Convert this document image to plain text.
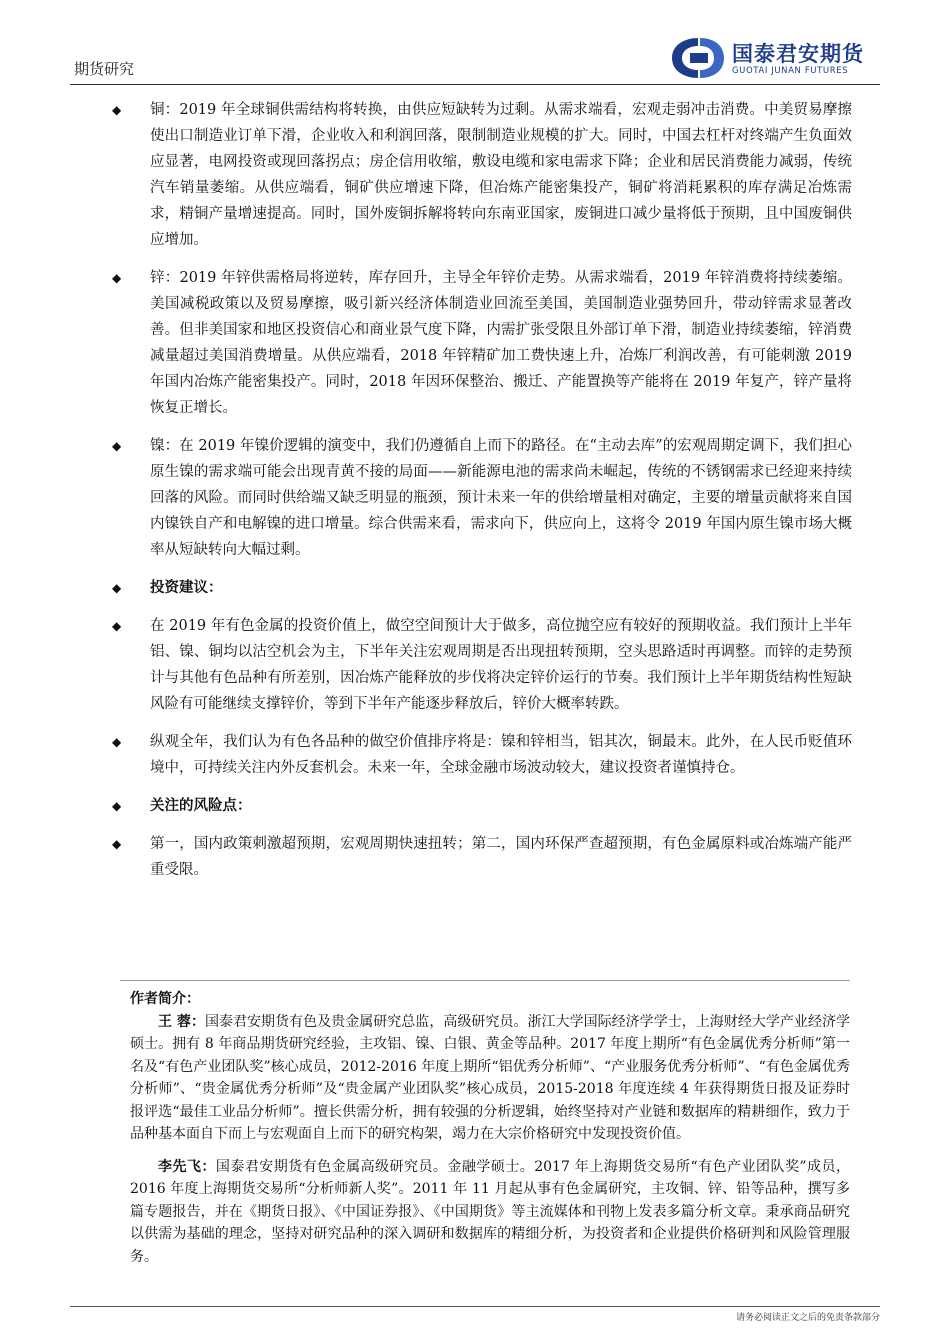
期货研究
国泰君安期货
GUOTAI JUNAN FUTURES
◆ 铜：2019 年全球铜供需结构将转换，由供应短缺转为过剩。从需求端看，宏观走弱冲击消费。中美贸易摩擦使出口制造业订单下滑，企业收入和利润回落，限制制造业规模的扩大。同时，中国去杠杆对终端产生负面效应显著，电网投资或现回落拐点；房企信用收缩，敷设电缆和家电需求下降；企业和居民消费能力减弱，传统汽车销量萎缩。从供应端看，铜矿供应增速下降，但冶炼产能密集投产，铜矿将消耗累积的库存满足冶炼需求，精铜产量增速提高。同时，国外废铜拆解将转向东南亚国家，废铜进口减少量将低于预期，且中国废铜供应增加。
◆ 锌：2019 年锌供需格局将逆转，库存回升，主导全年锌价走势。从需求端看，2019 年锌消费将持续萎缩。美国减税政策以及贸易摩擦，吸引新兴经济体制造业回流至美国，美国制造业强势回升，带动锌需求显著改善。但非美国家和地区投资信心和商业景气度下降，内需扩张受限且外部订单下滑，制造业持续萎缩，锌消费减量超过美国消费增量。从供应端看，2018 年锌精矿加工费快速上升，冶炼厂利润改善，有可能刺激 2019 年国内冶炼产能密集投产。同时，2018 年因环保整治、搬迁、产能置换等产能将在 2019 年复产，锌产量将恢复正增长。
◆ 镍：在 2019 年镍价逻辑的演变中，我们仍遵循自上而下的路径。在“主动去库”的宏观周期定调下，我们担心原生镍的需求端可能会出现青黄不接的局面——新能源电池的需求尚未崛起，传统的不锈钢需求已经迎来持续回落的风险。而同时供给端又缺乏明显的瓶颈，预计未来一年的供给增量相对确定，主要的增量贡献将来自国内镍铁自产和电解镍的进口增量。综合供需来看，需求向下，供应向上，这将令 2019 年国内原生镍市场大概率从短缺转向大幅过剩。
◆ 投资建议：
◆ 在 2019 年有色金属的投资价值上，做空空间预计大于做多，高位抛空应有较好的预期收益。我们预计上半年铝、镍、铜均以沽空机会为主，下半年关注宏观周期是否出现扭转预期，空头思路适时再调整。而锌的走势预计与其他有色品种有所差别，因冶炼产能释放的步伐将决定锌价运行的节奏。我们预计上半年期货结构性短缺风险有可能继续支撑锌价，等到下半年产能逐步释放后，锌价大概率转跌。
◆ 纵观全年，我们认为有色各品种的做空价值排序将是：镍和锌相当，铝其次，铜最末。此外，在人民币贬值环境中，可持续关注内外反套机会。未来一年，全球金融市场波动较大，建议投资者谨慎持仓。
◆ 关注的风险点：
◆ 第一，国内政策刺激超预期，宏观周期快速扭转；第二，国内环保严查超预期，有色金属原料或冶炼端产能严重受限。
作者简介：

王 蓉：国泰君安期货有色及贵金属研究总监，高级研究员。浙江大学国际经济学学士，上海财经大学产业经济学硕士。拥有 8 年商品期货研究经验，主攻铝、镍、白银、黄金等品种。2017 年度上期所“有色金属优秀分析师”第一名及“有色产业团队奖”核心成员，2012-2016 年度上期所“铝优秀分析师”、“产业服务优秀分析师”、“有色金属优秀分析师”、“贵金属优秀分析师”及“贵金属产业团队奖”核心成员，2015-2018 年度连续 4 年获得期货日报及证券时报评选“最佳工业品分析师”。擅长供需分析，拥有较强的分析逻辑，始终坚持对产业链和数据库的精耕细作，致力于品种基本面自下而上与宏观面自上而下的研究构架，竭力在大宗价格研究中发现投资价值。

李先飞：国泰君安期货有色金属高级研究员。金融学硕士。2017 年上海期货交易所“有色产业团队奖”成员，2016 年度上海期货交易所“分析师新人奖”。2011 年 11 月起从事有色金属研究，主攻铜、锌、铅等品种，撰写多篇专题报告，并在《期货日报》、《中国证券报》、《中国期货》等主流媒体和刊物上发表多篇分析文章。秉承商品研究以供需为基础的理念，坚持对研究品种的深入调研和数据库的精细分析，为投资者和企业提供价格研判和风险管理服务。

请务必阅读正文之后的免责条款部分
